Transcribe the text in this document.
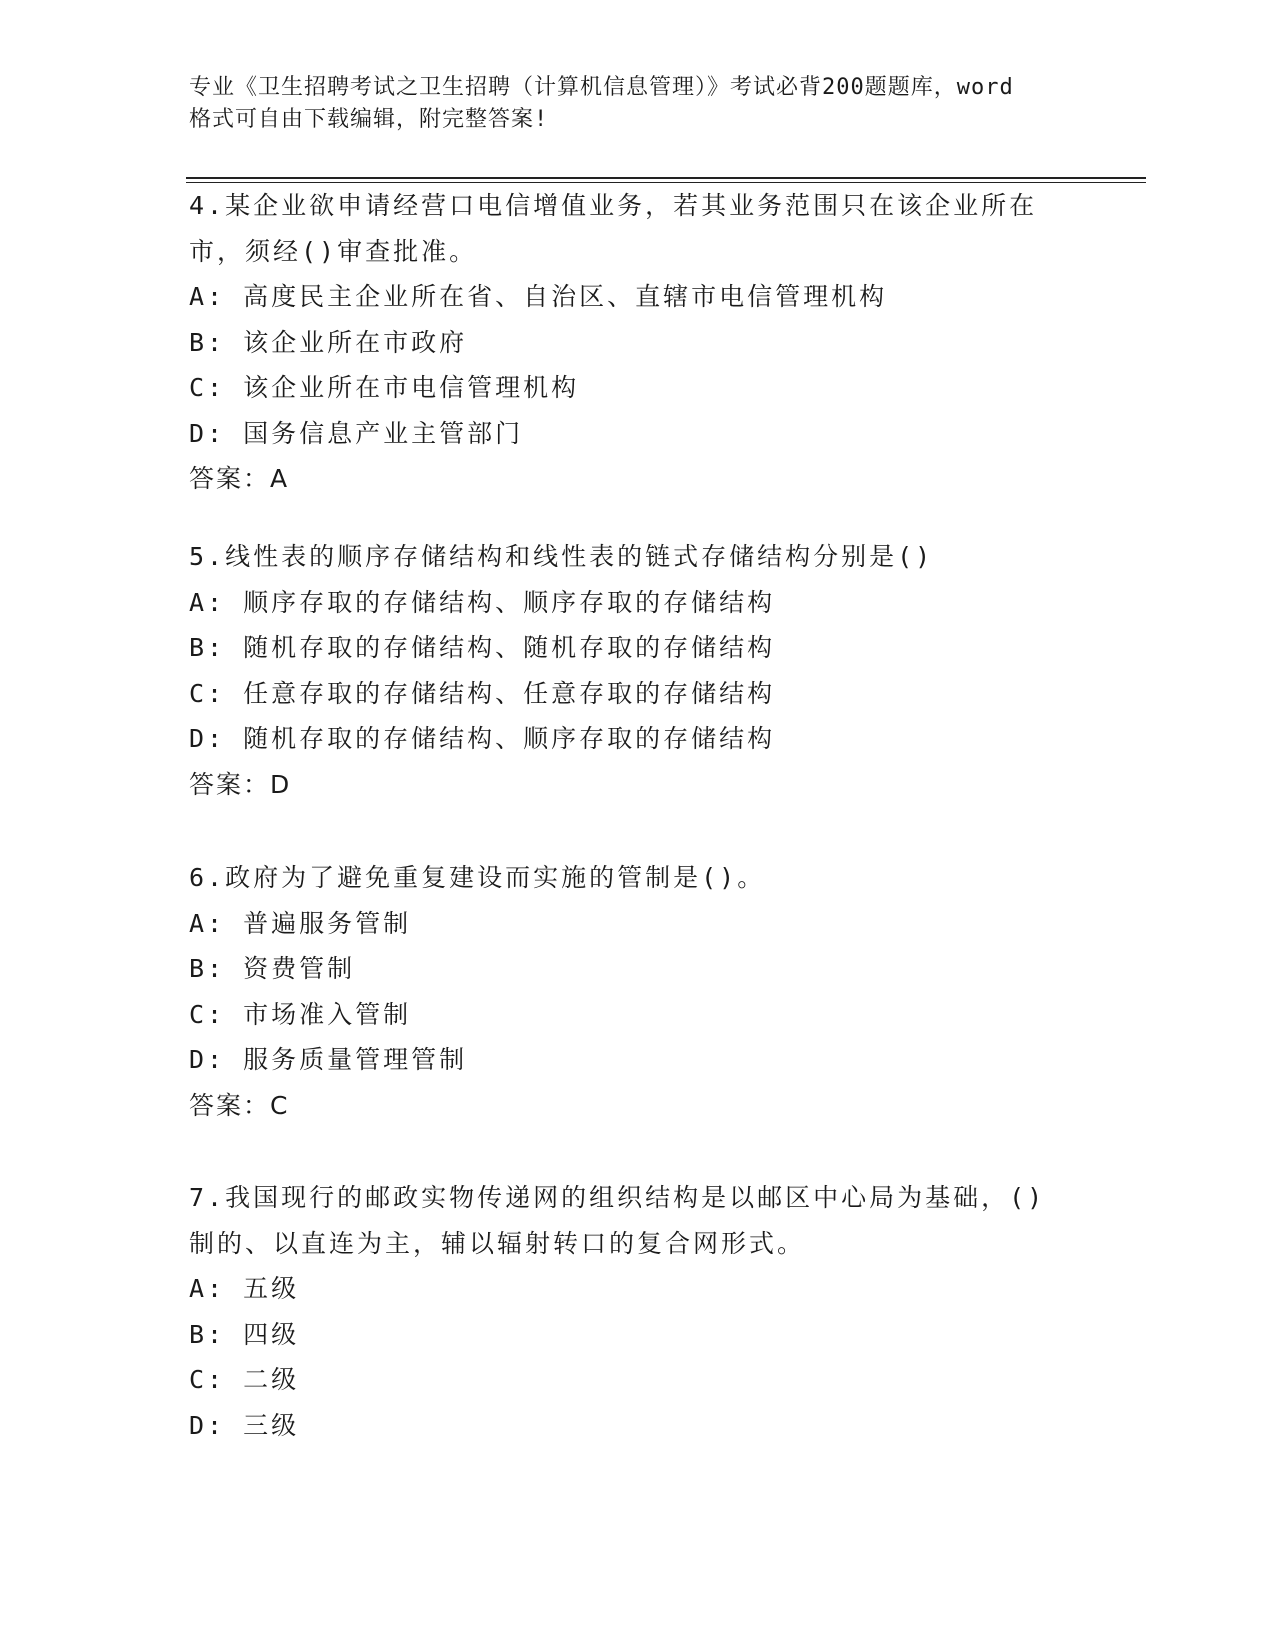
专业《卫生招聘考试之卫生招聘（计算机信息管理）》考试必背200题题库，word
格式可自由下载编辑，附完整答案!
4.某企业欲申请经营口电信增值业务，若其业务范围只在该企业所在
市，须经()审查批准。
A: 高度民主企业所在省、自治区、直辖市电信管理机构
B: 该企业所在市政府
C: 该企业所在市电信管理机构
D: 国务信息产业主管部门
答案：A
5.线性表的顺序存储结构和线性表的链式存储结构分别是()
A: 顺序存取的存储结构、顺序存取的存储结构
B: 随机存取的存储结构、随机存取的存储结构
C: 任意存取的存储结构、任意存取的存储结构
D: 随机存取的存储结构、顺序存取的存储结构
答案：D
6.政府为了避免重复建设而实施的管制是()。
A: 普遍服务管制
B: 资费管制
C: 市场准入管制
D: 服务质量管理管制
答案：C
7.我国现行的邮政实物传递网的组织结构是以邮区中心局为基础，()
制的、以直连为主，辅以辐射转口的复合网形式。
A: 五级
B: 四级
C: 二级
D: 三级
